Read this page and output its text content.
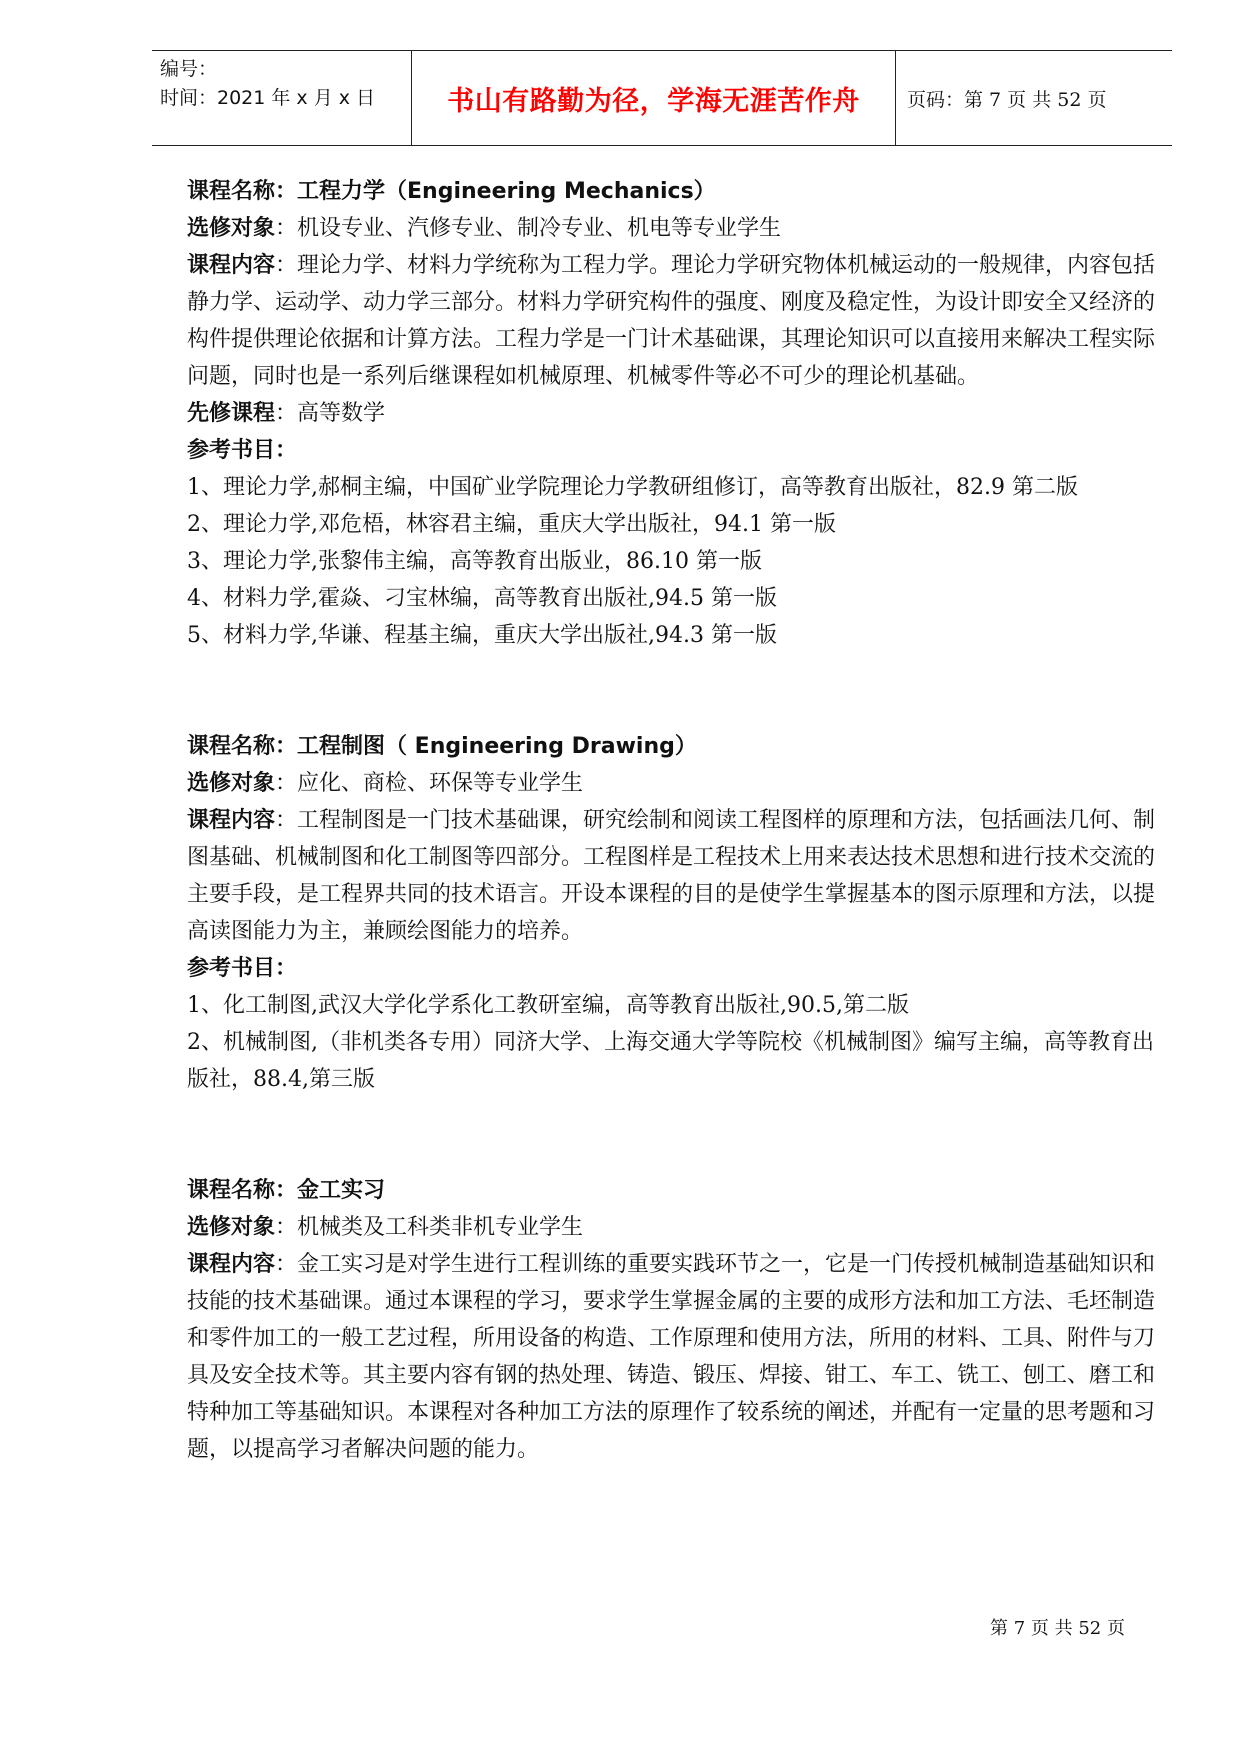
编号：
时间：2021 年 x 月 x 日	书山有路勤为径，学海无涯苦作舟	页码：第 7 页 共 52 页

课程名称：工程力学（Engineering Mechanics）

选修对象：机设专业、汽修专业、制冷专业、机电等专业学生

课程内容：理论力学、材料力学统称为工程力学。理论力学研究物体机械运动的一般规律，内容包括静力学、运动学、动力学三部分。材料力学研究构件的强度、刚度及稳定性，为设计即安全又经济的构件提供理论依据和计算方法。工程力学是一门计术基础课，其理论知识可以直接用来解决工程实际问题，同时也是一系列后继课程如机械原理、机械零件等必不可少的理论机基础。

先修课程：高等数学

参考书目：

1、理论力学,郝桐主编，中国矿业学院理论力学教研组修订，高等教育出版社，82.9 第二版

2、理论力学,邓危梧，林容君主编，重庆大学出版社，94.1 第一版

3、理论力学,张黎伟主编，高等教育出版业，86.10 第一版

4、材料力学,霍焱、刁宝林编，高等教育出版社,94.5 第一版

5、材料力学,华谦、程基主编，重庆大学出版社,94.3 第一版

课程名称：工程制图（ Engineering Drawing）

选修对象：应化、商检、环保等专业学生

课程内容：工程制图是一门技术基础课，研究绘制和阅读工程图样的原理和方法，包括画法几何、制图基础、机械制图和化工制图等四部分。工程图样是工程技术上用来表达技术思想和进行技术交流的主要手段，是工程界共同的技术语言。开设本课程的目的是使学生掌握基本的图示原理和方法，以提高读图能力为主，兼顾绘图能力的培养。

参考书目：

1、化工制图,武汉大学化学系化工教研室编，高等教育出版社,90.5,第二版

2、机械制图,（非机类各专用）同济大学、上海交通大学等院校《机械制图》编写主编，高等教育出版社，88.4,第三版

课程名称：金工实习

选修对象：机械类及工科类非机专业学生

课程内容：金工实习是对学生进行工程训练的重要实践环节之一，它是一门传授机械制造基础知识和技能的技术基础课。通过本课程的学习，要求学生掌握金属的主要的成形方法和加工方法、毛坯制造和零件加工的一般工艺过程，所用设备的构造、工作原理和使用方法，所用的材料、工具、附件与刀具及安全技术等。其主要内容有钢的热处理、铸造、锻压、焊接、钳工、车工、铣工、刨工、磨工和特种加工等基础知识。本课程对各种加工方法的原理作了较系统的阐述，并配有一定量的思考题和习题，以提高学习者解决问题的能力。

第 7 页 共 52 页
